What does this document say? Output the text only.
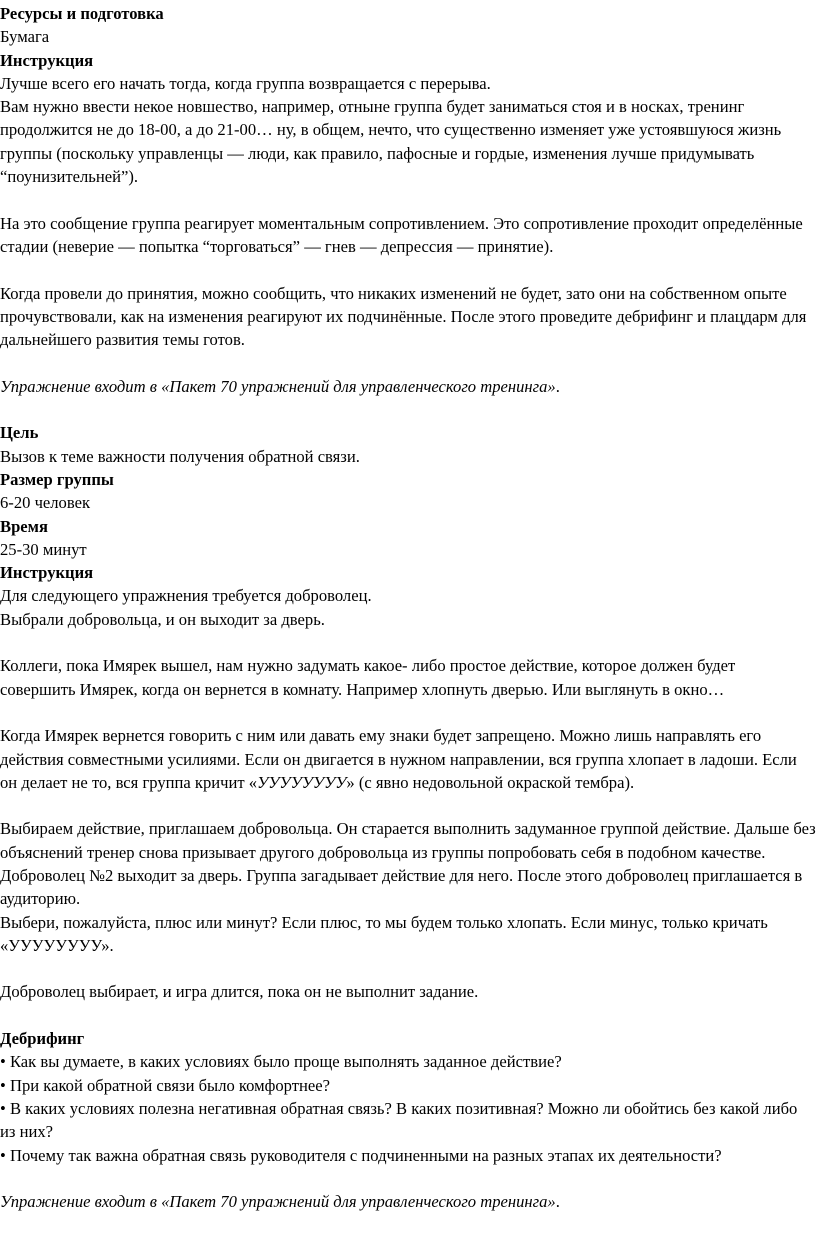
Ресурсы и подготовка
Бумага
Инструкция
Лучше всего его начать тогда, когда группа возвращается с перерыва.
Вам нужно ввести некое новшество, например, отныне группа будет заниматься стоя и в носках, тренинг
продолжится не до 18-00, а до 21-00… ну, в общем, нечто, что существенно изменяет уже устоявшуюся жизнь
группы (поскольку управленцы — люди, как правило, пафосные и гордые, изменения лучше придумывать
“поунизительней”).
На это сообщение группа реагирует моментальным сопротивлением. Это сопротивление проходит определённые
стадии (неверие — попытка “торговаться” — гнев — депрессия — принятие).
Когда провели до принятия, можно сообщить, что никаких изменений не будет, зато они на собственном опыте
прочувствовали, как на изменения реагируют их подчинённые. После этого проведите дебрифинг и плацдарм для
дальнейшего развития темы готов.
Упражнение входит в «Пакет 70 упражнений для управленческого тренинга».
Цель
Вызов к теме важности получения обратной связи.
Размер группы
6-20 человек
Время
25-30 минут
Инструкция
Для следующего упражнения требуется доброволец.
Выбрали добровольца, и он выходит за дверь.
Коллеги, пока Имярек вышел, нам нужно задумать какое- либо простое действие, которое должен будет
совершить Имярек, когда он вернется в комнату. Например хлопнуть дверью. Или выглянуть в окно…
Когда Имярек вернется говорить с ним или давать ему знаки будет запрещено. Можно лишь направлять его
действия совместными усилиями. Если он двигается в нужном направлении, вся группа хлопает в ладоши. Если
он делает не то, вся группа кричит «УУУУУУУУ» (с явно недовольной окраской тембра).
Выбираем действие, приглашаем добровольца. Он старается выполнить задуманное группой действие. Дальше без
объяснений тренер снова призывает другого добровольца из группы попробовать себя в подобном качестве.
Доброволец №2 выходит за дверь. Группа загадывает действие для него. После этого доброволец приглашается в
аудиторию.
Выбери, пожалуйста, плюс или минут? Если плюс, то мы будем только хлопать. Если минус, только кричать
«УУУУУУУУ».
Доброволец выбирает, и игра длится, пока он не выполнит задание.
Дебрифинг
• Как вы думаете, в каких условиях было проще выполнять заданное действие?
• При какой обратной связи было комфортнее?
• В каких условиях полезна негативная обратная связь? В каких позитивная? Можно ли обойтись без какой либо
из них?
• Почему так важна обратная связь руководителя с подчиненными на разных этапах их деятельности?
Упражнение входит в «Пакет 70 упражнений для управленческого тренинга».
